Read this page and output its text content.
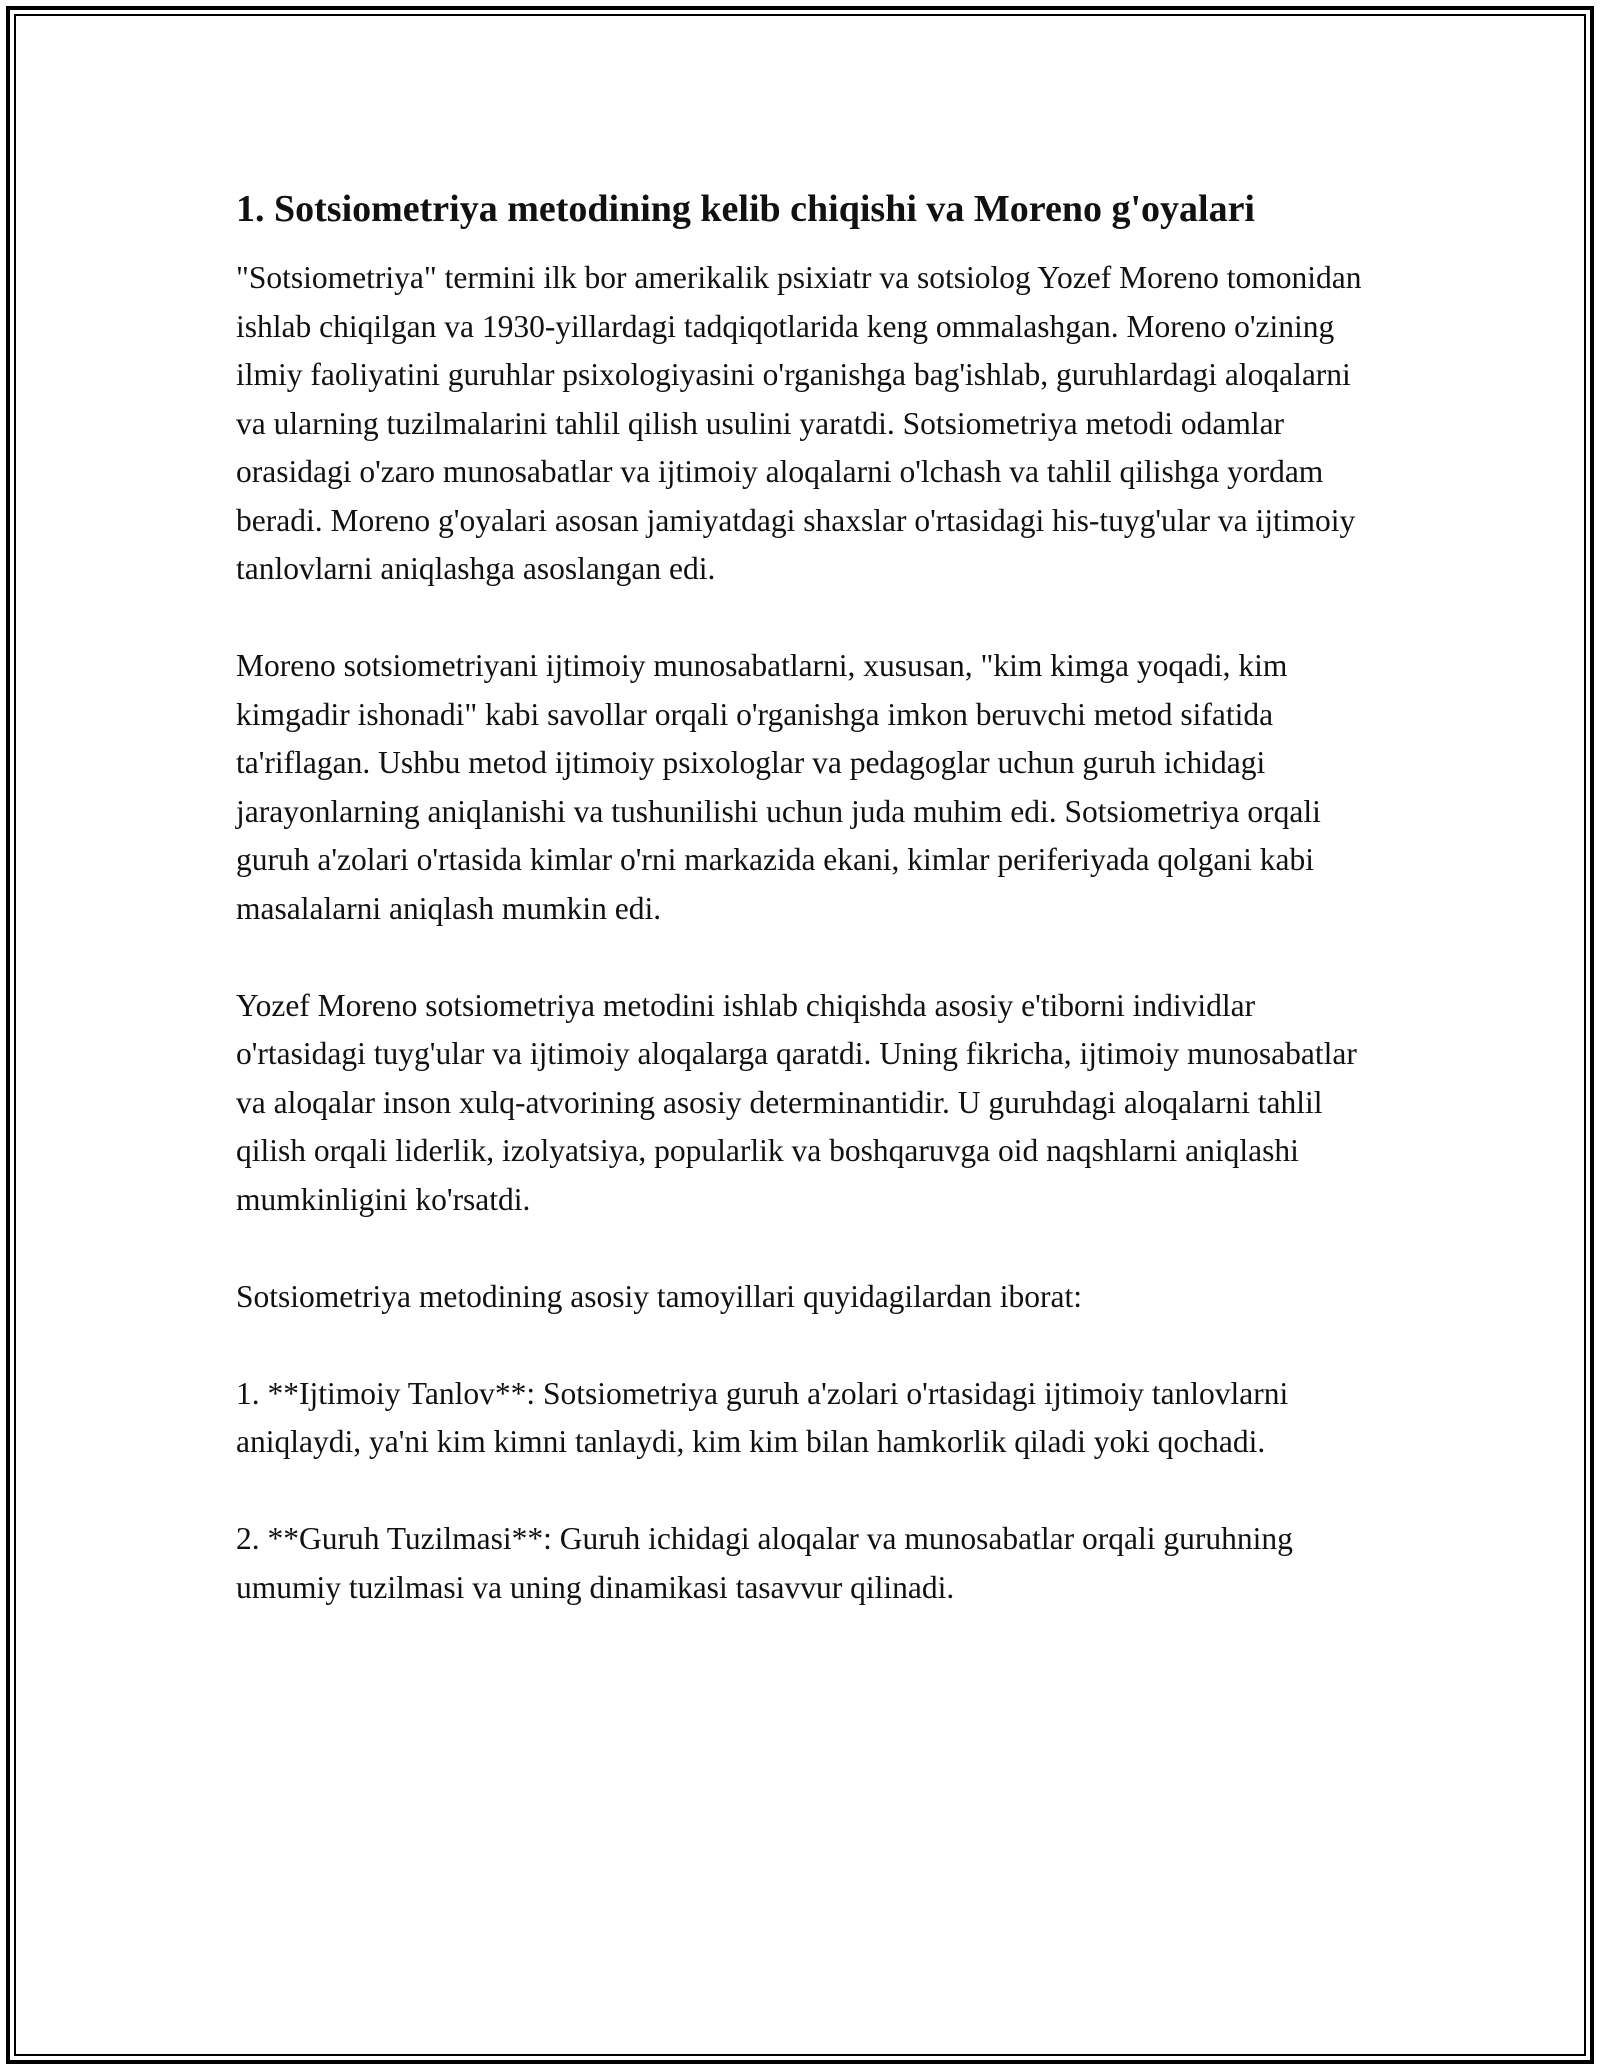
1. Sotsiometriya metodining kelib chiqishi va Moreno g'oyalari

"Sotsiometriya" termini ilk bor amerikalik psixiatr va sotsiolog Yozef Moreno tomonidan ishlab chiqilgan va 1930-yillardagi tadqiqotlarida keng ommalashgan. Moreno o'zining ilmiy faoliyatini guruhlar psixologiyasini o'rganishga bag'ishlab, guruhlardagi aloqalarni va ularning tuzilmalarini tahlil qilish usulini yaratdi. Sotsiometriya metodi odamlar orasidagi o'zaro munosabatlar va ijtimoiy aloqalarni o'lchash va tahlil qilishga yordam beradi. Moreno g'oyalari asosan jamiyatdagi shaxslar o'rtasidagi his-tuyg'ular va ijtimoiy tanlovlarni aniqlashga asoslangan edi.

Moreno sotsiometriyani ijtimoiy munosabatlarni, xususan, "kim kimga yoqadi, kim kimgadir ishonadi" kabi savollar orqali o'rganishga imkon beruvchi metod sifatida ta'riflagan. Ushbu metod ijtimoiy psixologlar va pedagoglar uchun guruh ichidagi jarayonlarning aniqlanishi va tushunilishi uchun juda muhim edi. Sotsiometriya orqali guruh a'zolari o'rtasida kimlar o'rni markazida ekani, kimlar periferiyada qolgani kabi masalalarni aniqlash mumkin edi.

Yozef Moreno sotsiometriya metodini ishlab chiqishda asosiy e'tiborni individlar o'rtasidagi tuyg'ular va ijtimoiy aloqalarga qaratdi. Uning fikricha, ijtimoiy munosabatlar va aloqalar inson xulq-atvorining asosiy determinantidir. U guruhdagi aloqalarni tahlil qilish orqali liderlik, izolyatsiya, popularlik va boshqaruvga oid naqshlarni aniqlashi mumkinligini ko'rsatdi.

Sotsiometriya metodining asosiy tamoyillari quyidagilardan iborat:

1. **Ijtimoiy Tanlov**: Sotsiometriya guruh a'zolari o'rtasidagi ijtimoiy tanlovlarni aniqlaydi, ya'ni kim kimni tanlaydi, kim kim bilan hamkorlik qiladi yoki qochadi.

2. **Guruh Tuzilmasi**: Guruh ichidagi aloqalar va munosabatlar orqali guruhning umumiy tuzilmasi va uning dinamikasi tasavvur qilinadi.
